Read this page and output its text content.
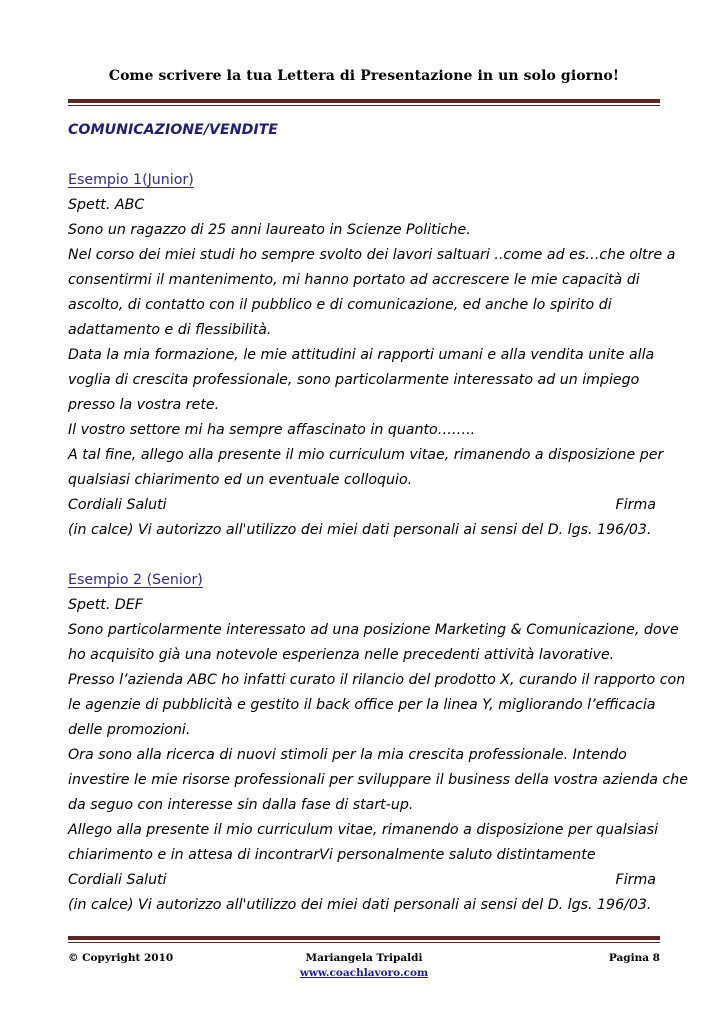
Come scrivere la tua Lettera di Presentazione in un solo giorno!
COMUNICAZIONE/VENDITE
Esempio 1(Junior)
Spett. ABC
Sono un ragazzo di 25 anni laureato in Scienze Politiche.
Nel corso dei miei studi ho sempre svolto dei lavori saltuari ..come ad es…che oltre a
consentirmi il mantenimento, mi hanno portato ad accrescere le mie capacità di
ascolto, di contatto con il pubblico e di comunicazione, ed anche lo spirito di
adattamento e di flessibilità.
Data la mia formazione, le mie attitudini ai rapporti umani e alla vendita unite alla
voglia di crescita professionale, sono particolarmente interessato ad un impiego
presso la vostra rete.
Il vostro settore mi ha sempre affascinato in quanto……..
A tal fine, allego alla presente il mio curriculum vitae, rimanendo a disposizione per
qualsiasi chiarimento ed un eventuale colloquio.
Cordiali Saluti	Firma
(in calce) Vi autorizzo all'utilizzo dei miei dati personali ai sensi del D. lgs. 196/03.
Esempio 2 (Senior)
Spett. DEF
Sono particolarmente interessato ad una posizione Marketing & Comunicazione, dove
ho acquisito già una notevole esperienza nelle precedenti attività lavorative.
Presso l’azienda ABC ho infatti curato il rilancio del prodotto X, curando il rapporto con
le agenzie di pubblicità e gestito il back office per la linea Y, migliorando l’efficacia
delle promozioni.
Ora sono alla ricerca di nuovi stimoli per la mia crescita professionale. Intendo
investire le mie risorse professionali per sviluppare il business della vostra azienda che
da seguo con interesse sin dalla fase di start-up.
Allego alla presente il mio curriculum vitae, rimanendo a disposizione per qualsiasi
chiarimento e in attesa di incontrarVi personalmente saluto distintamente
Cordiali Saluti	Firma
(in calce) Vi autorizzo all'utilizzo dei miei dati personali ai sensi del D. lgs. 196/03.
© Copyright 2010	Mariangela Tripaldi
www.coachlavoro.com
Pagina 8
